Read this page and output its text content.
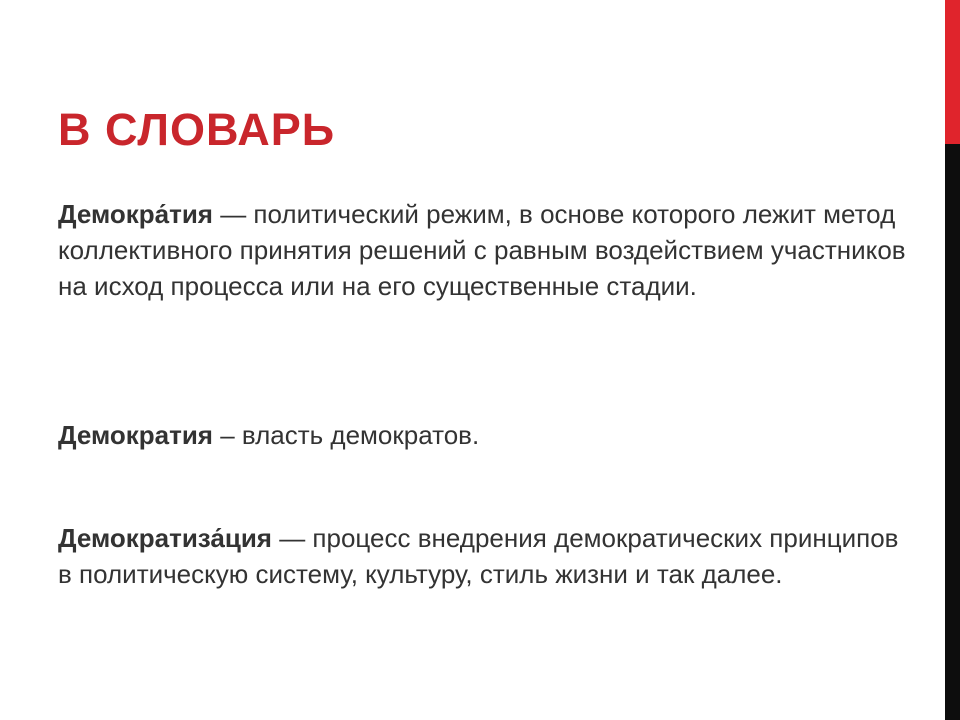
В СЛОВАРЬ

Демокра́тия — политический режим, в основе которого лежит метод коллективного принятия решений с равным воздействием участников на исход процесса или на его существенные стадии.

Демократия – власть демократов.

Демократиза́ция — процесс внедрения демократических принципов в политическую систему, культуру, стиль жизни и так далее.
